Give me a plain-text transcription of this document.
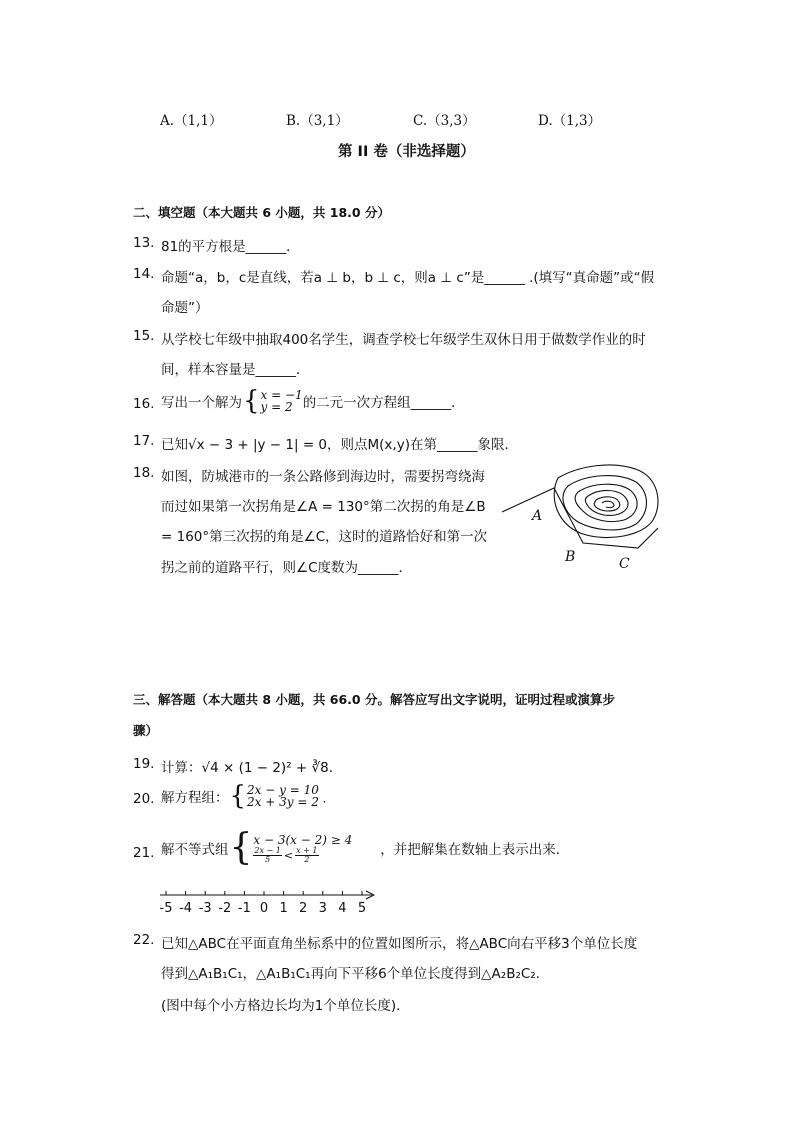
A.（1,1）	B.（3,1）	C.（3,3）	D.（1,3）
第 II 卷（非选择题）
二、填空题（本大题共 6 小题，共 18.0 分）
13. 81的平方根是______．
14. 命题“a，b，c是直线，若a ⊥ b，b ⊥ c，则a ⊥ c”是______ .(填写“真命题”或“假
命题”）
15. 从学校七年级中抽取400名学生，调查学校七年级学生双休日用于做数学作业的时
间，样本容量是______．
16. 写出一个解为 { x = −1
y = 2 的二元一次方程组______．
17. 已知√x − 3 + |y − 1| = 0，则点M(x,y)在第______象限．
18. 如图，防城港市的一条公路修到海边时，需要拐弯绕海
而过如果第一次拐角是∠A = 130°第二次拐的角是∠B
= 160°第三次拐的角是∠C，这时的道路恰好和第一次
拐之前的道路平行，则∠C度数为______．
A
B	C
三、解答题（本大题共 8 小题，共 66.0 分。解答应写出文字说明，证明过程或演算步
骤）
19. 计算：√4 × (1 − 2)² + ∛8．
20. 解方程组： { 2x − y = 10
2x + 3y = 2 ·
21. 解不等式组 { x − 3(x − 2) ≥ 4
$\frac{2x - 1}{5} < \frac{x + 1}{2}$	，并把解集在数轴上表示出来．
-5 -4 -3 -2 -1 0 1 2 3 4 5
22. 已知△ABC在平面直角坐标系中的位置如图所示，将△ABC向右平移3个单位长度
得到△A₁B₁C₁，△A₁B₁C₁再向下平移6个单位长度得到△A₂B₂C₂．
(图中每个小方格边长均为1个单位长度)．
